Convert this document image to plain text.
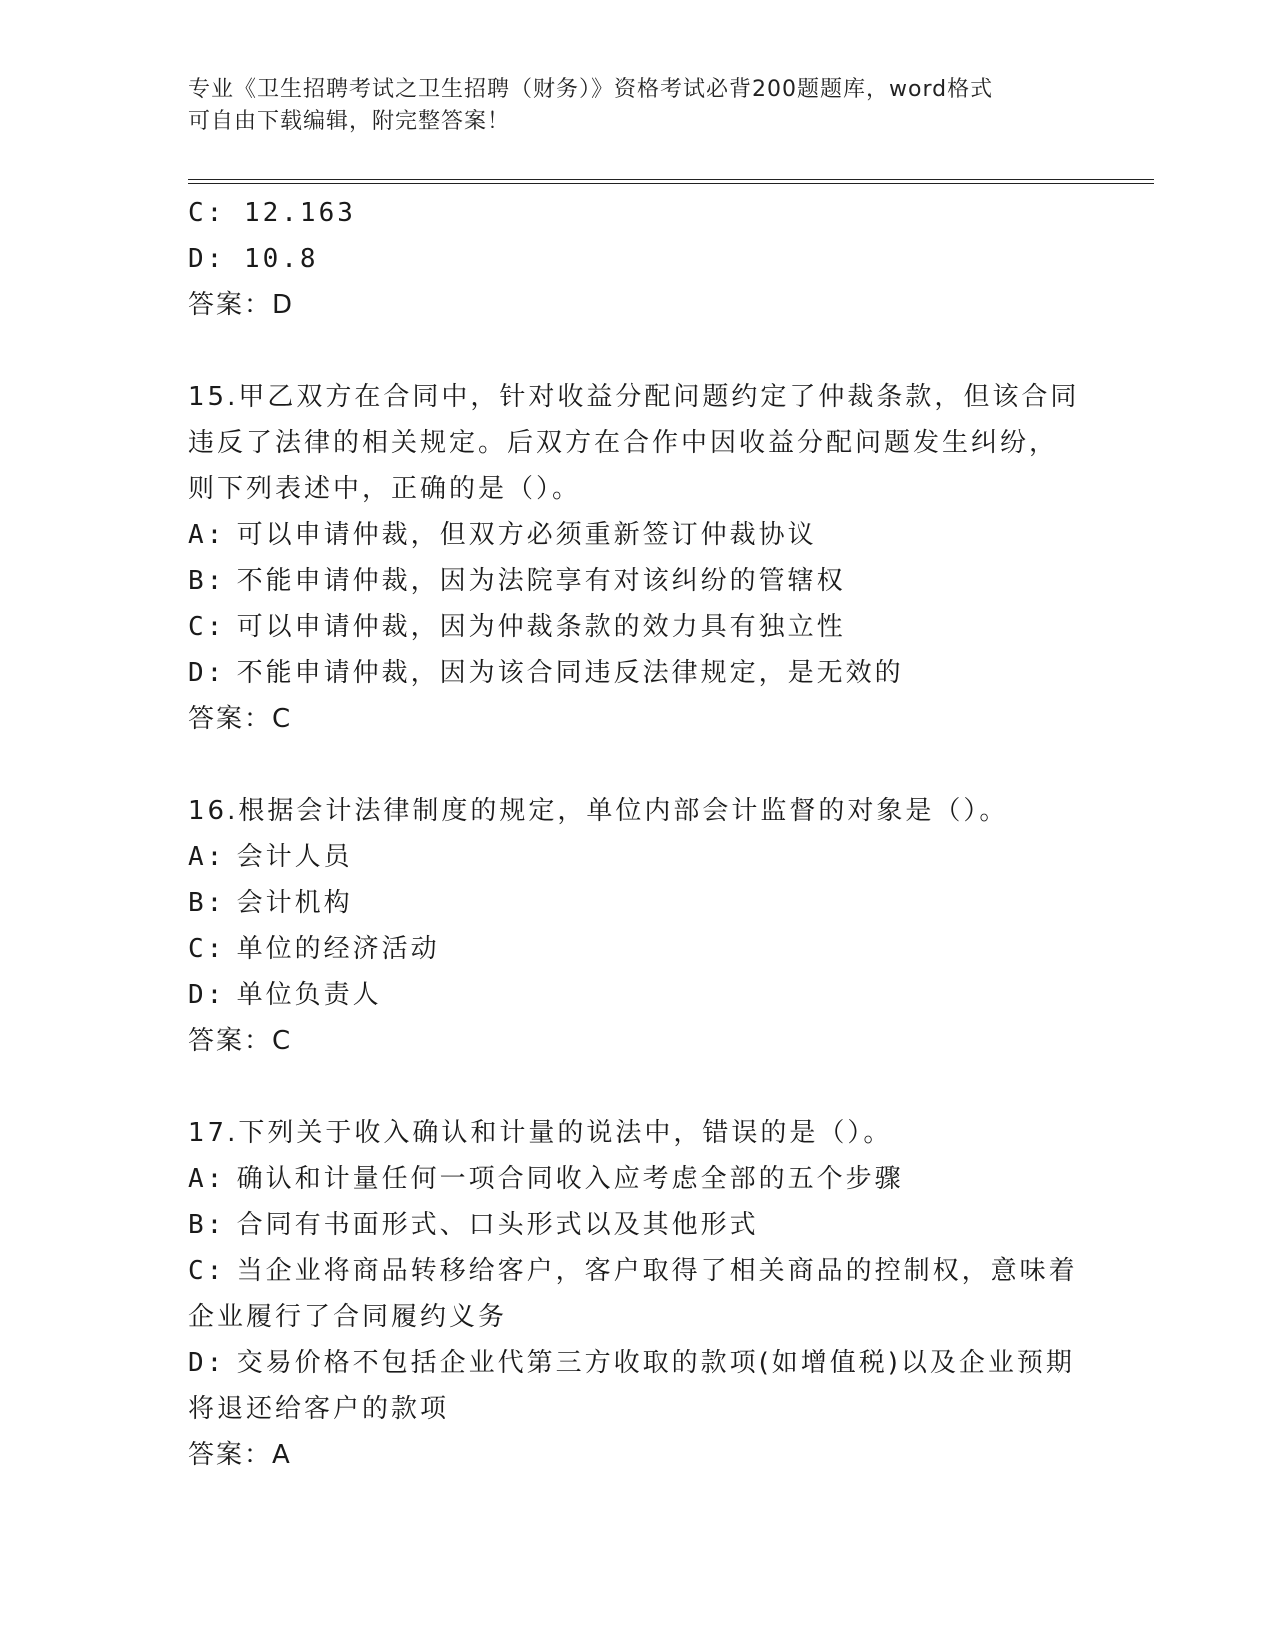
专业《卫生招聘考试之卫生招聘（财务）》资格考试必背200题题库，word格式
可自由下载编辑，附完整答案！
C: 12.163
D: 10.8
答案：D
15.甲乙双方在合同中，针对收益分配问题约定了仲裁条款，但该合同
违反了法律的相关规定。后双方在合作中因收益分配问题发生纠纷，
则下列表述中，正确的是（）。
A: 可以申请仲裁，但双方必须重新签订仲裁协议
B: 不能申请仲裁，因为法院享有对该纠纷的管辖权
C: 可以申请仲裁，因为仲裁条款的效力具有独立性
D: 不能申请仲裁，因为该合同违反法律规定，是无效的
答案：C
16.根据会计法律制度的规定，单位内部会计监督的对象是（）。
A: 会计人员
B: 会计机构
C: 单位的经济活动
D: 单位负责人
答案：C
17.下列关于收入确认和计量的说法中，错误的是（）。
A: 确认和计量任何一项合同收入应考虑全部的五个步骤
B: 合同有书面形式、口头形式以及其他形式
C: 当企业将商品转移给客户，客户取得了相关商品的控制权，意味着
企业履行了合同履约义务
D: 交易价格不包括企业代第三方收取的款项(如增值税)以及企业预期
将退还给客户的款项
答案：A
